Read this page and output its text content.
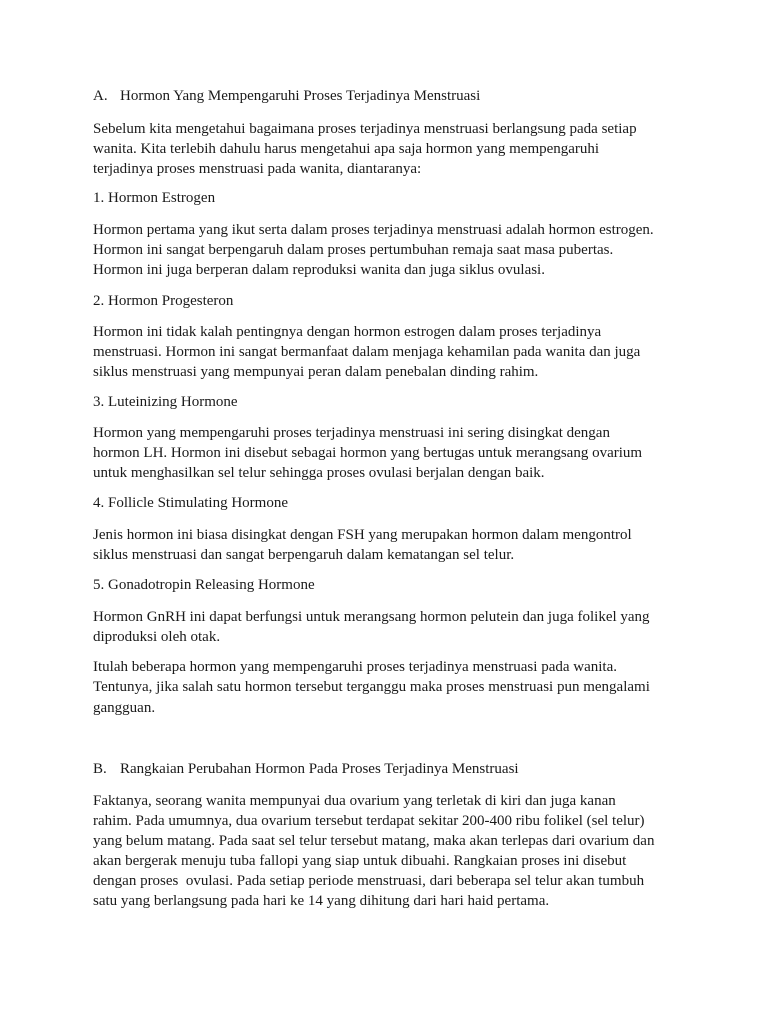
A. Hormon Yang Mempengaruhi Proses Terjadinya Menstruasi
Sebelum kita mengetahui bagaimana proses terjadinya menstruasi berlangsung pada setiap
wanita. Kita terlebih dahulu harus mengetahui apa saja hormon yang mempengaruhi
terjadinya proses menstruasi pada wanita, diantaranya:
1. Hormon Estrogen
Hormon pertama yang ikut serta dalam proses terjadinya menstruasi adalah hormon estrogen.
Hormon ini sangat berpengaruh dalam proses pertumbuhan remaja saat masa pubertas.
Hormon ini juga berperan dalam reproduksi wanita dan juga siklus ovulasi.
2. Hormon Progesteron
Hormon ini tidak kalah pentingnya dengan hormon estrogen dalam proses terjadinya
menstruasi. Hormon ini sangat bermanfaat dalam menjaga kehamilan pada wanita dan juga
siklus menstruasi yang mempunyai peran dalam penebalan dinding rahim.
3. Luteinizing Hormone
Hormon yang mempengaruhi proses terjadinya menstruasi ini sering disingkat dengan
hormon LH. Hormon ini disebut sebagai hormon yang bertugas untuk merangsang ovarium
untuk menghasilkan sel telur sehingga proses ovulasi berjalan dengan baik.
4. Follicle Stimulating Hormone
Jenis hormon ini biasa disingkat dengan FSH yang merupakan hormon dalam mengontrol
siklus menstruasi dan sangat berpengaruh dalam kematangan sel telur.
5. Gonadotropin Releasing Hormone
Hormon GnRH ini dapat berfungsi untuk merangsang hormon pelutein dan juga folikel yang
diproduksi oleh otak.
Itulah beberapa hormon yang mempengaruhi proses terjadinya menstruasi pada wanita.
Tentunya, jika salah satu hormon tersebut terganggu maka proses menstruasi pun mengalami
gangguan.
B. Rangkaian Perubahan Hormon Pada Proses Terjadinya Menstruasi
Faktanya, seorang wanita mempunyai dua ovarium yang terletak di kiri dan juga kanan
rahim. Pada umumnya, dua ovarium tersebut terdapat sekitar 200-400 ribu folikel (sel telur)
yang belum matang. Pada saat sel telur tersebut matang, maka akan terlepas dari ovarium dan
akan bergerak menuju tuba fallopi yang siap untuk dibuahi. Rangkaian proses ini disebut
dengan proses  ovulasi. Pada setiap periode menstruasi, dari beberapa sel telur akan tumbuh
satu yang berlangsung pada hari ke 14 yang dihitung dari hari haid pertama.
